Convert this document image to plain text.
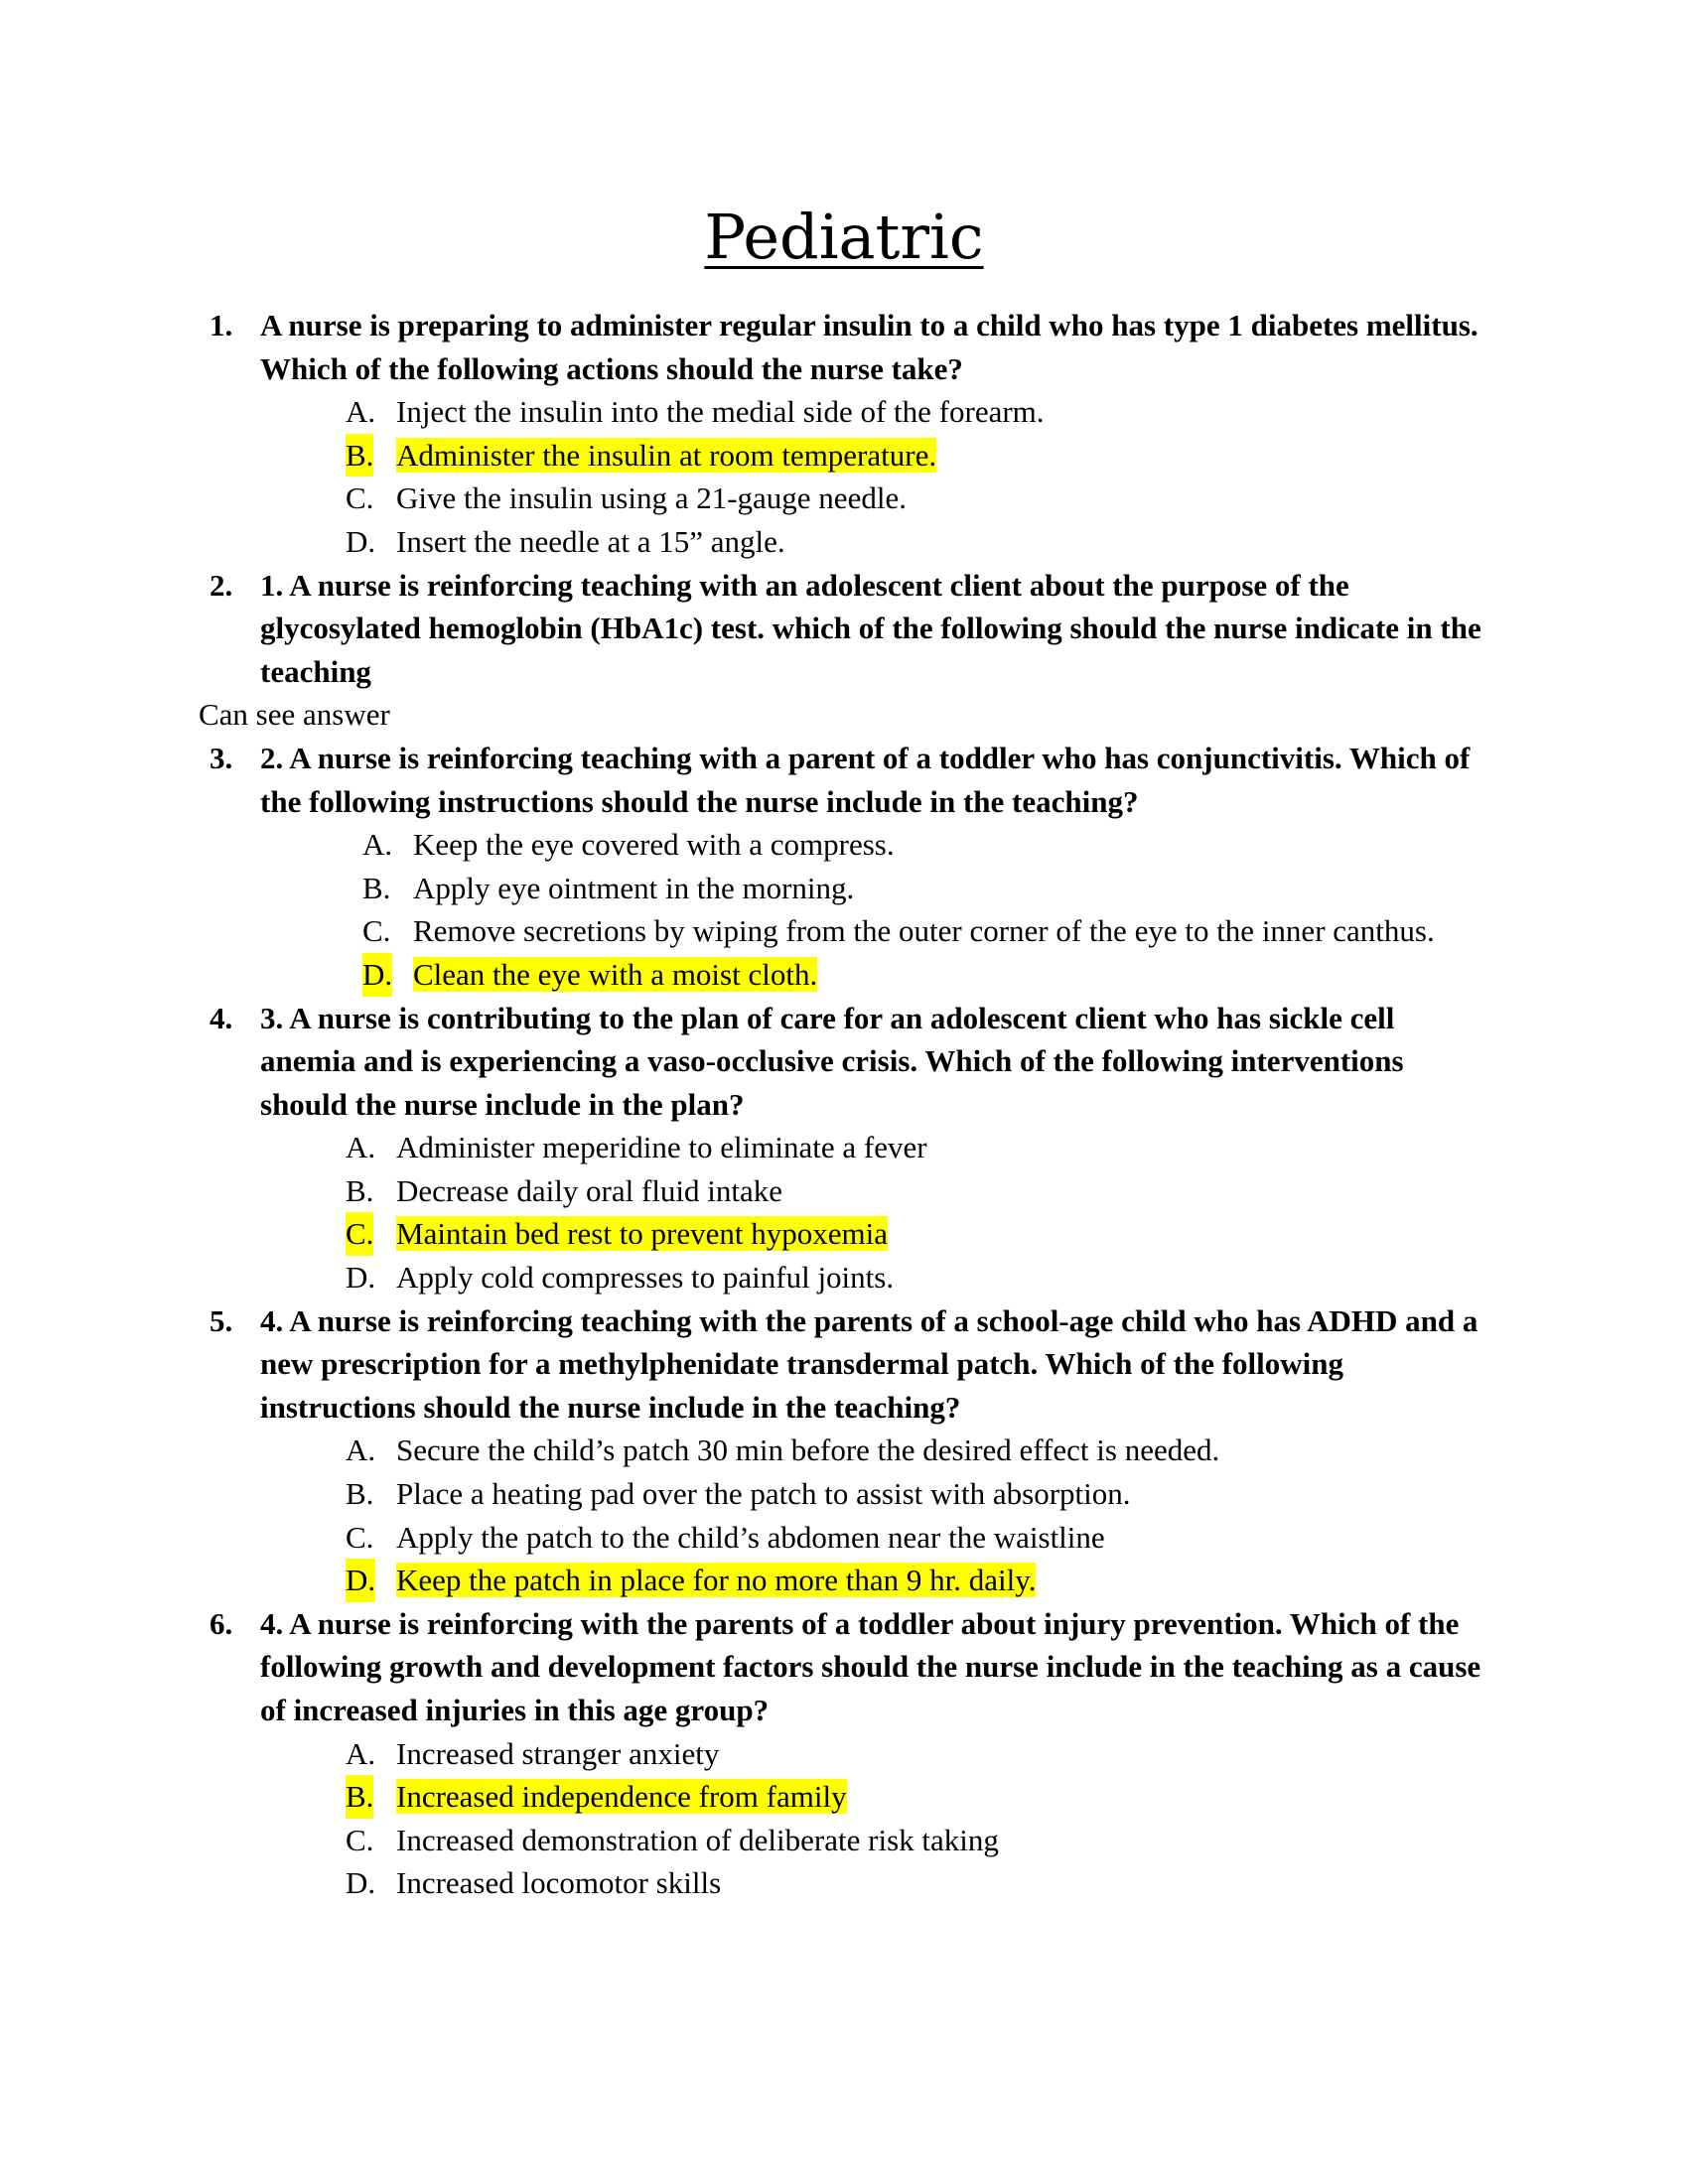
Pediatric
1. A nurse is preparing to administer regular insulin to a child who has type 1 diabetes mellitus. Which of the following actions should the nurse take?
A. Inject the insulin into the medial side of the forearm.
B. Administer the insulin at room temperature.
C. Give the insulin using a 21-gauge needle.
D. Insert the needle at a 15” angle.
2. 1. A nurse is reinforcing teaching with an adolescent client about the purpose of the glycosylated hemoglobin (HbA1c) test. which of the following should the nurse indicate in the teaching
Can see answer
3. 2. A nurse is reinforcing teaching with a parent of a toddler who has conjunctivitis. Which of the following instructions should the nurse include in the teaching?
A. Keep the eye covered with a compress.
B. Apply eye ointment in the morning.
C. Remove secretions by wiping from the outer corner of the eye to the inner canthus.
D. Clean the eye with a moist cloth.
4. 3. A nurse is contributing to the plan of care for an adolescent client who has sickle cell anemia and is experiencing a vaso-occlusive crisis. Which of the following interventions should the nurse include in the plan?
A. Administer meperidine to eliminate a fever
B. Decrease daily oral fluid intake
C. Maintain bed rest to prevent hypoxemia
D. Apply cold compresses to painful joints.
5. 4. A nurse is reinforcing teaching with the parents of a school-age child who has ADHD and a new prescription for a methylphenidate transdermal patch. Which of the following instructions should the nurse include in the teaching?
A. Secure the child’s patch 30 min before the desired effect is needed.
B. Place a heating pad over the patch to assist with absorption.
C. Apply the patch to the child’s abdomen near the waistline
D. Keep the patch in place for no more than 9 hr. daily.
6. 4. A nurse is reinforcing with the parents of a toddler about injury prevention. Which of the following growth and development factors should the nurse include in the teaching as a cause of increased injuries in this age group?
A. Increased stranger anxiety
B. Increased independence from family
C. Increased demonstration of deliberate risk taking
D. Increased locomotor skills
